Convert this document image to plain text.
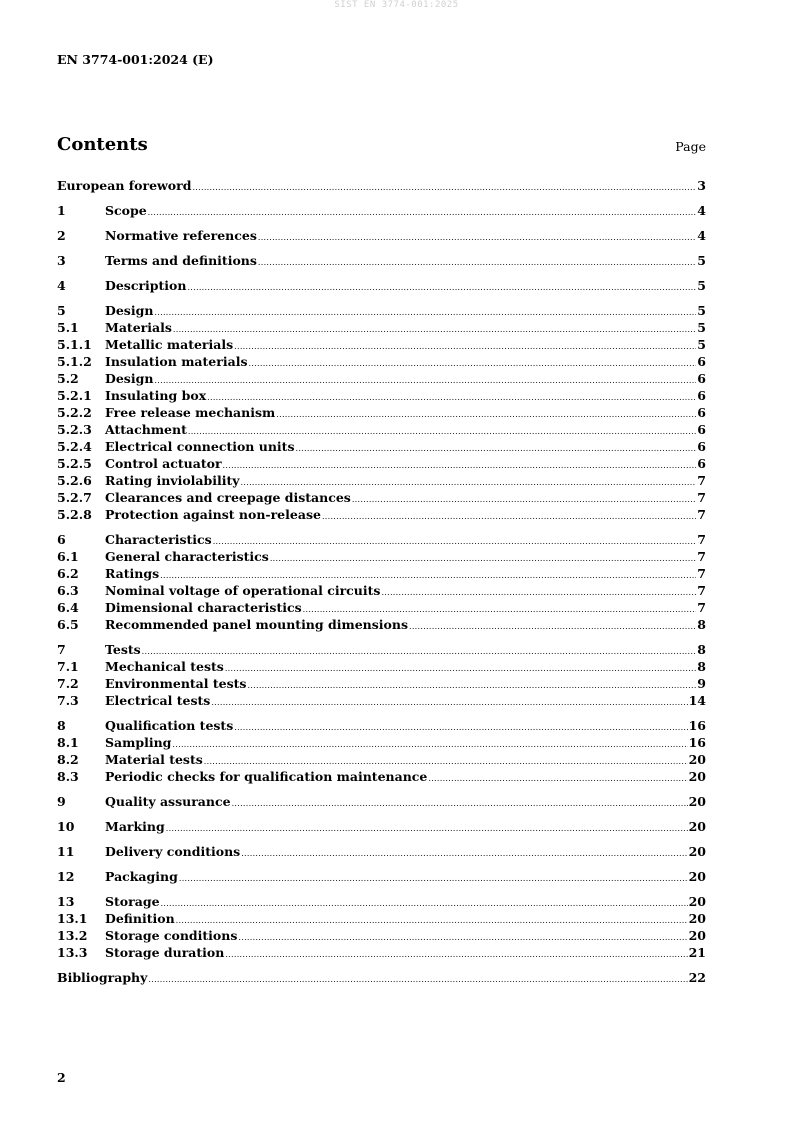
SIST EN 3774-001:2025
EN 3774-001:2024 (E)
Contents	Page
European foreword .....	3
1	Scope .....	4
2	Normative references .....	4
3	Terms and definitions .....	5
4	Description .....	5
5	Design .....	5
5.1	Materials .....	5
5.1.1	Metallic materials .....	5
5.1.2	Insulation materials .....	6
5.2	Design .....	6
5.2.1	Insulating box .....	6
5.2.2	Free release mechanism .....	6
5.2.3	Attachment .....	6
5.2.4	Electrical connection units .....	6
5.2.5	Control actuator .....	6
5.2.6	Rating inviolability .....	7
5.2.7	Clearances and creepage distances .....	7
5.2.8	Protection against non-release .....	7
6	Characteristics .....	7
6.1	General characteristics .....	7
6.2	Ratings .....	7
6.3	Nominal voltage of operational circuits .....	7
6.4	Dimensional characteristics .....	7
6.5	Recommended panel mounting dimensions .....	8
7	Tests .....	8
7.1	Mechanical tests .....	8
7.2	Environmental tests .....	9
7.3	Electrical tests .....	14
8	Qualification tests .....	16
8.1	Sampling .....	16
8.2	Material tests .....	20
8.3	Periodic checks for qualification maintenance .....	20
9	Quality assurance .....	20
10	Marking .....	20
11	Delivery conditions .....	20
12	Packaging .....	20
13	Storage .....	20
13.1	Definition .....	20
13.2	Storage conditions .....	20
13.3	Storage duration .....	21
Bibliography .....	22
2
